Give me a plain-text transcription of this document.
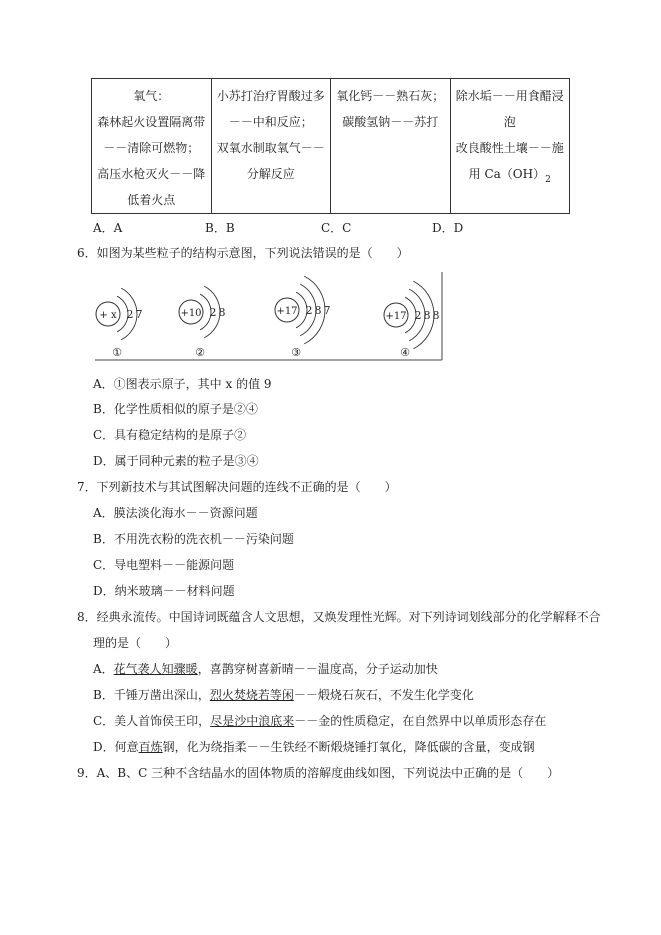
氧气：
森林起火设置隔离带－－清除可燃物；
高压水枪灭火－－降低着火点

小苏打治疗胃酸过多－－中和反应；
双氧水制取氧气－－分解反应

氧化钙－－熟石灰；
碳酸氢钠－－苏打

除水垢－－用食醋浸泡
改良酸性土壤－－施用 $Ca(OH)_2$
A．A	B．B	C．C	D．D
6．如图为某些粒子的结构示意图，下列说法错误的是（　　）
+ x 2 7
①
+10 2 8
②
+17 2 8 7
③
+17 2 8 8
④
A．①图表示原子，其中 x 的值 9
B．化学性质相似的原子是②④
C．具有稳定结构的是原子②
D．属于同种元素的粒子是③④
7．下列新技术与其试图解决问题的连线不正确的是（　　）
A．膜法淡化海水－－资源问题
B．不用洗衣粉的洗衣机－－污染问题
C．导电塑料－－能源问题
D．纳米玻璃－－材料问题
8．经典永流传。中国诗词既蕴含人文思想，又焕发理性光辉。对下列诗词划线部分的化学解释不合
理的是（　　）
A．花气袭人知骤暖，喜鹊穿树喜新晴－－温度高，分子运动加快
B．千锤万凿出深山，烈火焚烧若等闲－－煅烧石灰石，不发生化学变化
C．美人首饰侯王印，尽是沙中浪底来－－金的性质稳定，在自然界中以单质形态存在
D．何意百炼钢，化为绕指柔－－生铁经不断煅烧锤打氧化，降低碳的含量，变成钢
9．A、B、C 三种不含结晶水的固体物质的溶解度曲线如图，下列说法中正确的是（　　）
